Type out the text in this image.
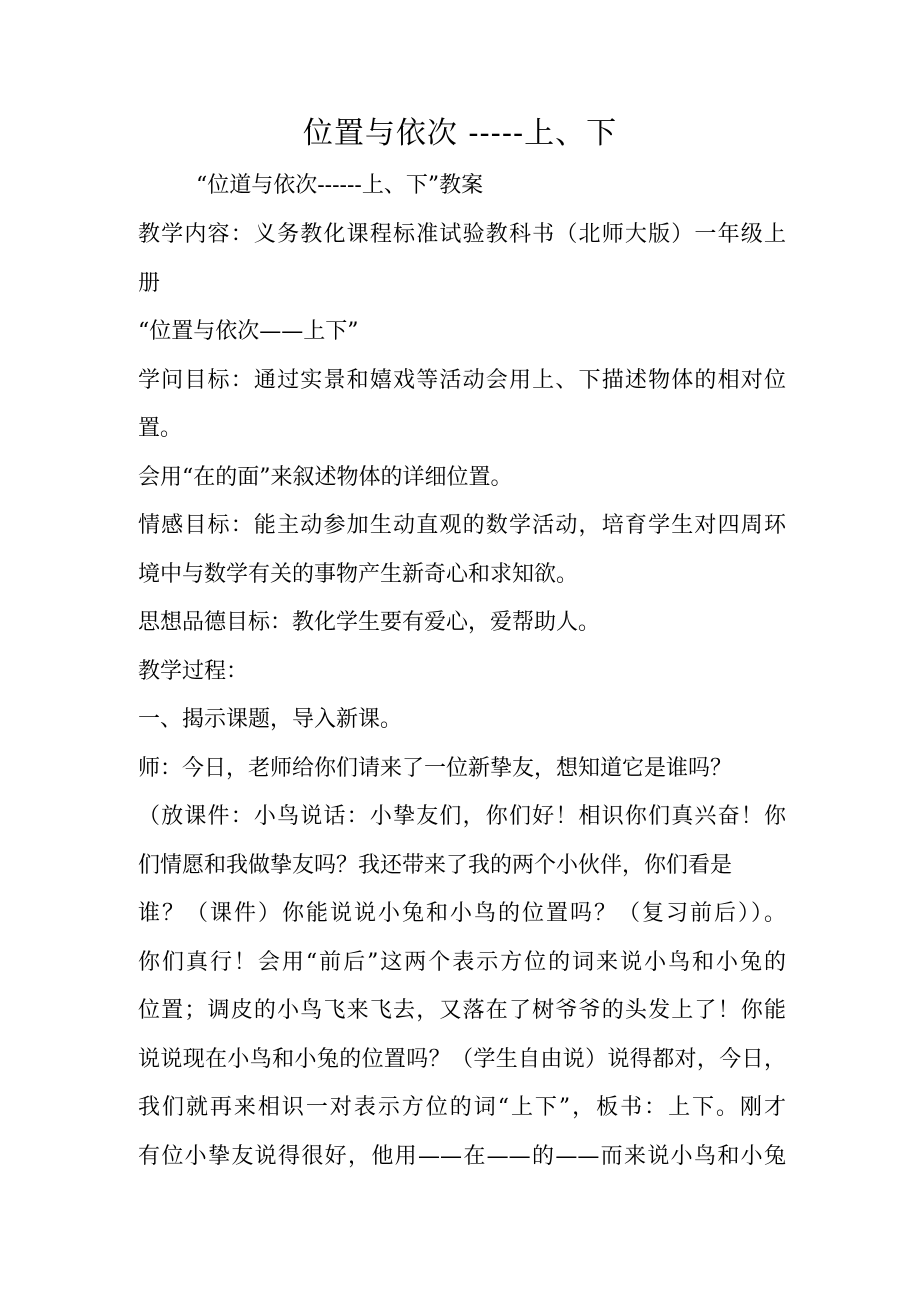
位置与依次 -----上、下
“位道与依次------上、下”教案
教学内容：义务教化课程标准试验教科书（北师大版）一年级上
册
“位置与依次——上下”
学问目标：通过实景和嬉戏等活动会用上、下描述物体的相对位
置。
会用“在的面”来叙述物体的详细位置。
情感目标：能主动参加生动直观的数学活动，培育学生对四周环
境中与数学有关的事物产生新奇心和求知欲。
思想品德目标：教化学生要有爱心，爱帮助人。
教学过程：
一、揭示课题，导入新课。
师：今日，老师给你们请来了一位新挚友，想知道它是谁吗？
（放课件：小鸟说话：小挚友们，你们好！相识你们真兴奋！你
们情愿和我做挚友吗？我还带来了我的两个小伙伴，你们看是
谁？（课件）你能说说小兔和小鸟的位置吗？（复习前后））。
你们真行！会用“前后”这两个表示方位的词来说小鸟和小兔的
位置；调皮的小鸟飞来飞去，又落在了树爷爷的头发上了！你能
说说现在小鸟和小兔的位置吗？（学生自由说）说得都对，今日，
我们就再来相识一对表示方位的词“上下”，板书：上下。刚才
有位小挚友说得很好，他用——在——的——而来说小鸟和小兔
